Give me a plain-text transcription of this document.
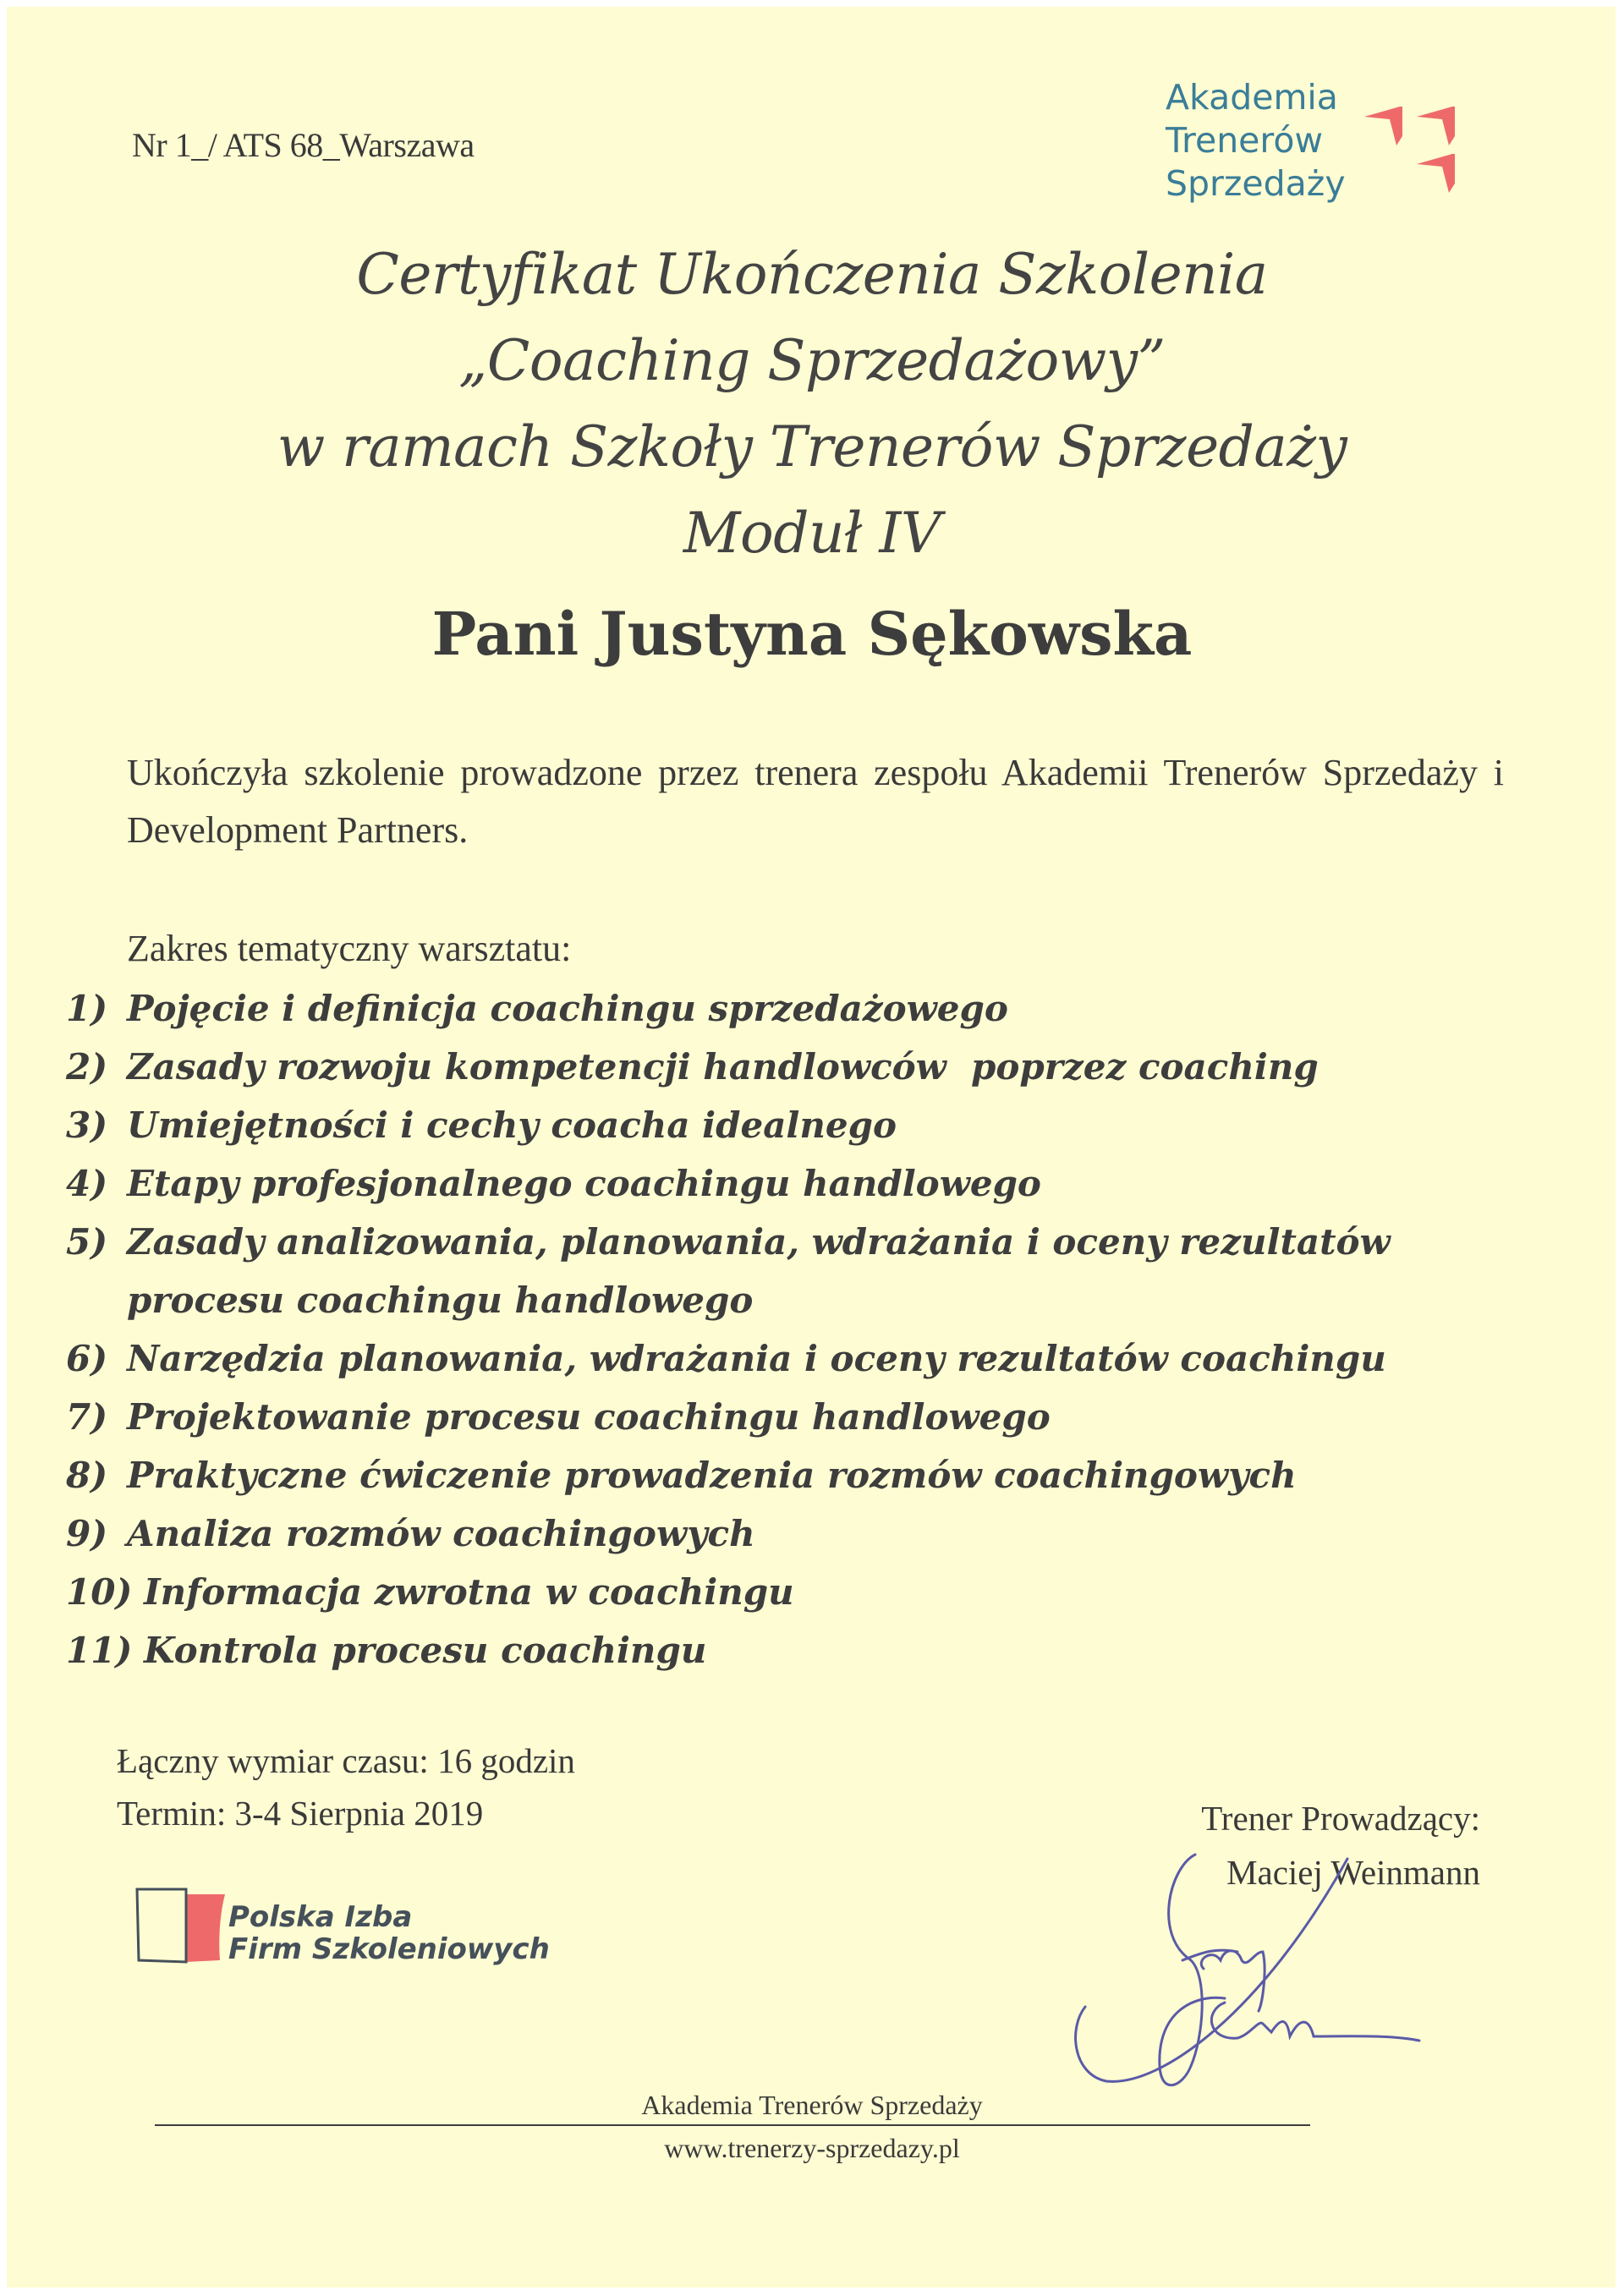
Nr 1_/ ATS 68_Warszawa
Akademia
Trenerów
Sprzedaży
Certyfikat Ukończenia Szkolenia
„Coaching Sprzedażowy”
w ramach Szkoły Trenerów Sprzedaży
Moduł IV
Pani Justyna Sękowska
Ukończyła szkolenie prowadzone przez trenera zespołu Akademii Trenerów Sprzedaży i Development Partners.
Zakres tematyczny warsztatu:
1) Pojęcie i definicja coachingu sprzedażowego
2) Zasady rozwoju kompetencji handlowców  poprzez coaching
3) Umiejętności i cechy coacha idealnego
4) Etapy profesjonalnego coachingu handlowego
5) Zasady analizowania, planowania, wdrażania i oceny rezultatów
procesu coachingu handlowego
6) Narzędzia planowania, wdrażania i oceny rezultatów coachingu
7) Projektowanie procesu coachingu handlowego
8) Praktyczne ćwiczenie prowadzenia rozmów coachingowych
9) Analiza rozmów coachingowych
10) Informacja zwrotna w coachingu
11) Kontrola procesu coachingu
Łączny wymiar czasu: 16 godzin
Termin: 3-4 Sierpnia 2019	Trener Prowadzący:
Maciej Weinmann
Polska Izba
Firm Szkoleniowych
Akademia Trenerów Sprzedaży
www.trenerzy-sprzedazy.pl
